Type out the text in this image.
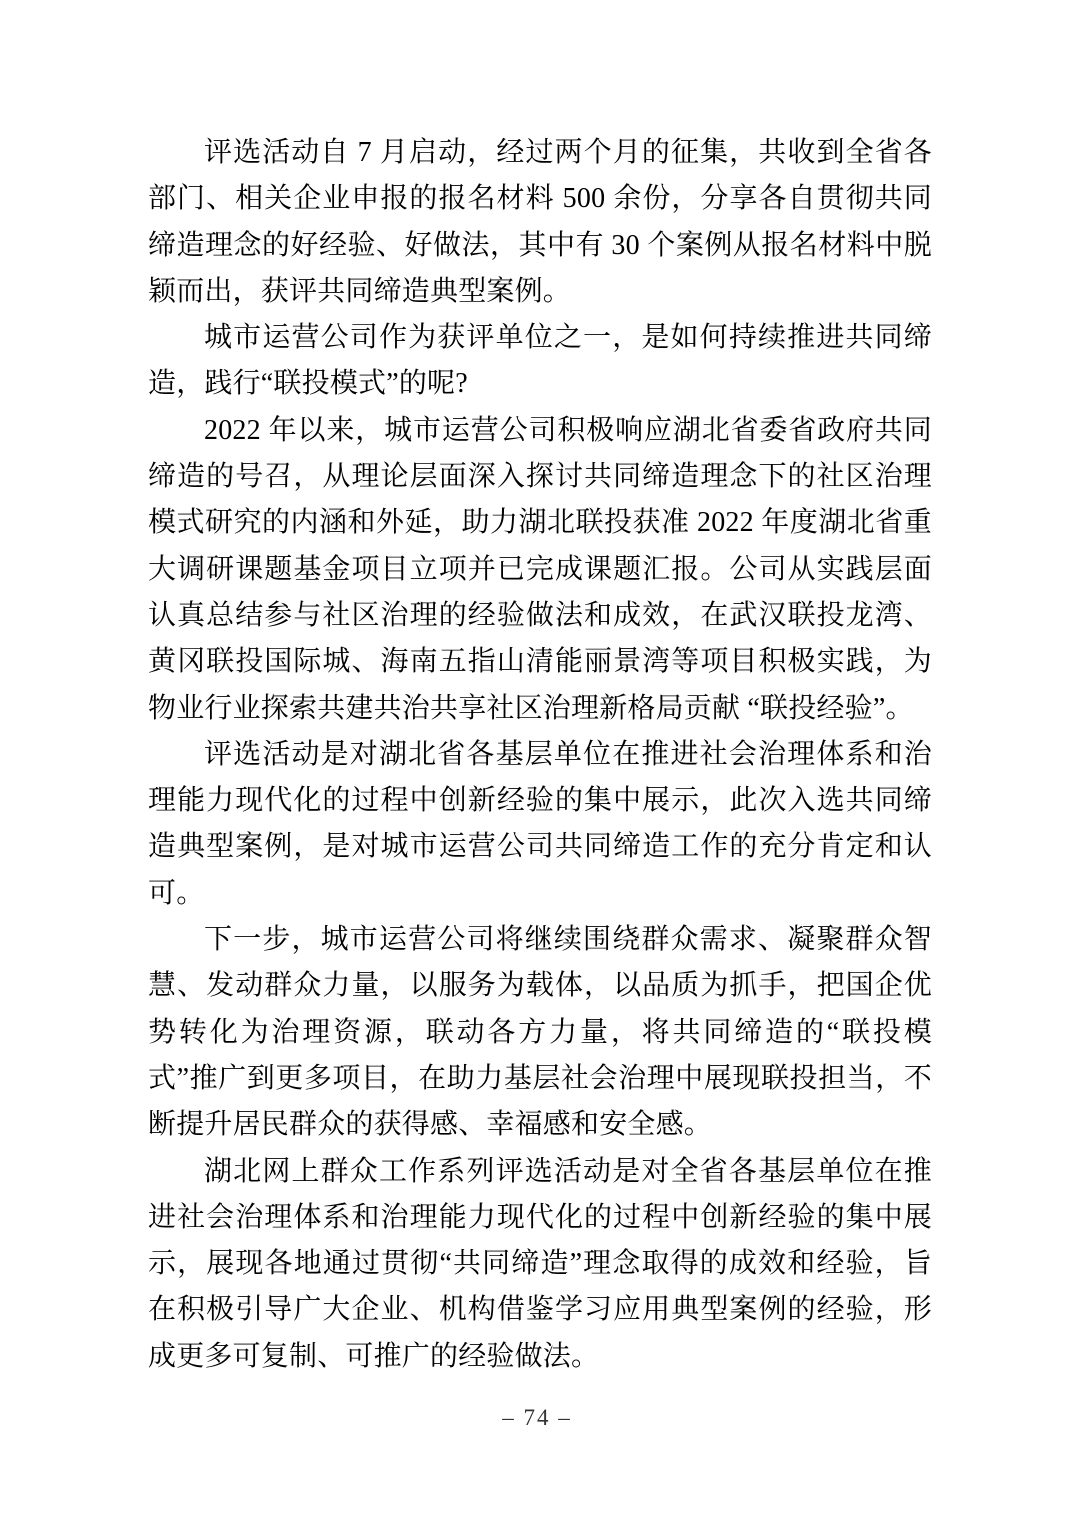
评选活动自 7 月启动，经过两个月的征集，共收到全省各部门、相关企业申报的报名材料 500 余份，分享各自贯彻共同缔造理念的好经验、好做法，其中有 30 个案例从报名材料中脱颖而出，获评共同缔造典型案例。

城市运营公司作为获评单位之一，是如何持续推进共同缔造，践行“联投模式”的呢?

2022 年以来，城市运营公司积极响应湖北省委省政府共同缔造的号召，从理论层面深入探讨共同缔造理念下的社区治理模式研究的内涵和外延，助力湖北联投获准 2022 年度湖北省重大调研课题基金项目立项并已完成课题汇报。公司从实践层面认真总结参与社区治理的经验做法和成效，在武汉联投龙湾、黄冈联投国际城、海南五指山清能丽景湾等项目积极实践，为物业行业探索共建共治共享社区治理新格局贡献 “联投经验”。

评选活动是对湖北省各基层单位在推进社会治理体系和治理能力现代化的过程中创新经验的集中展示，此次入选共同缔造典型案例，是对城市运营公司共同缔造工作的充分肯定和认可。

下一步，城市运营公司将继续围绕群众需求、凝聚群众智慧、发动群众力量，以服务为载体，以品质为抓手，把国企优势转化为治理资源，联动各方力量，将共同缔造的“联投模式”推广到更多项目，在助力基层社会治理中展现联投担当，不断提升居民群众的获得感、幸福感和安全感。

湖北网上群众工作系列评选活动是对全省各基层单位在推进社会治理体系和治理能力现代化的过程中创新经验的集中展示，展现各地通过贯彻“共同缔造”理念取得的成效和经验，旨在积极引导广大企业、机构借鉴学习应用典型案例的经验，形成更多可复制、可推广的经验做法。

– 74 –
